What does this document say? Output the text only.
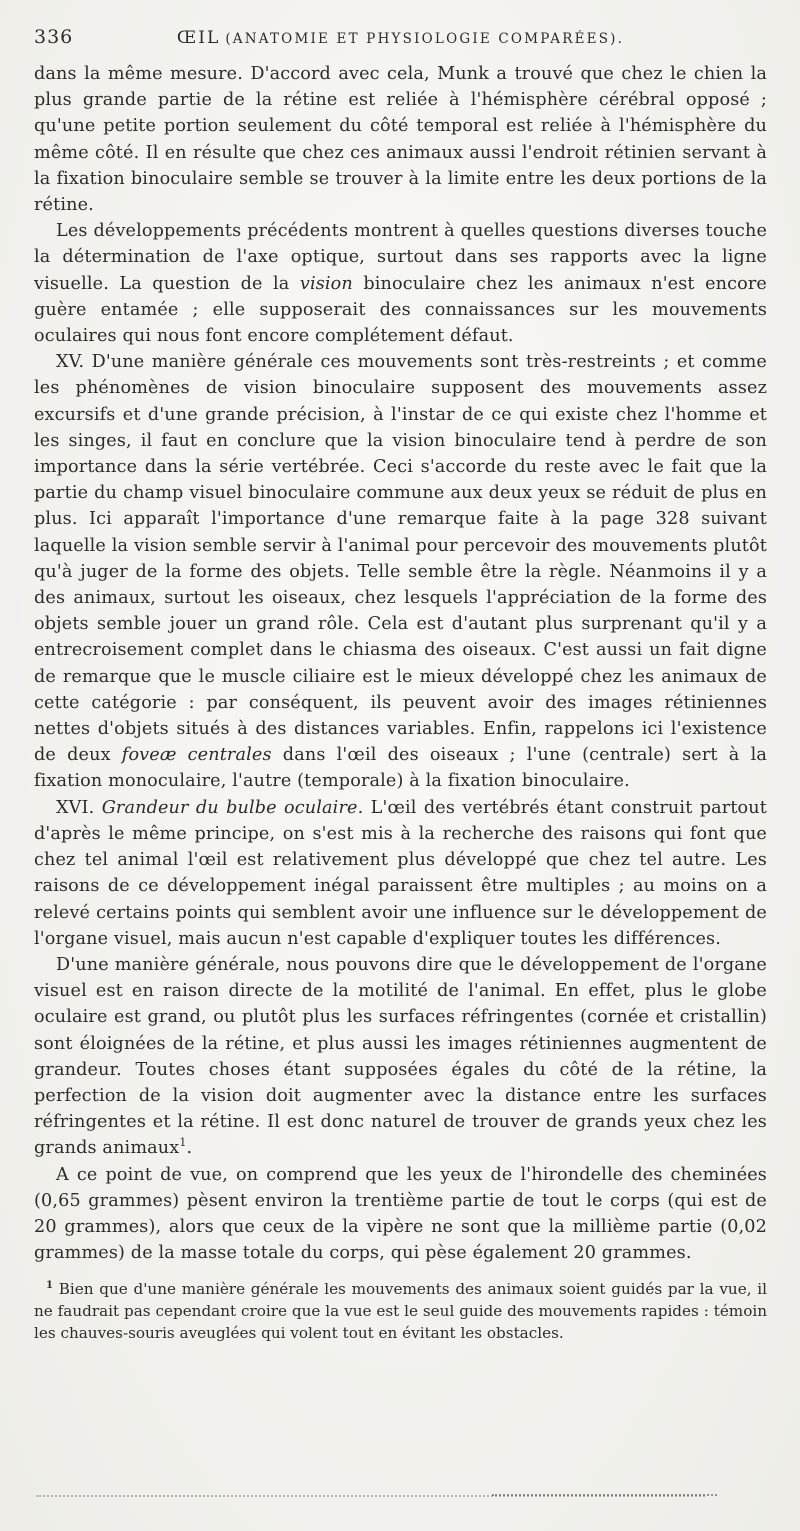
336	ŒIL (ANATOMIE ET PHYSIOLOGIE COMPARÉES).

dans la même mesure. D'accord avec cela, Munk a trouvé que chez le chien la plus grande partie de la rétine est reliée à l'hémisphère cérébral opposé ; qu'une petite portion seulement du côté temporal est reliée à l'hémisphère du même côté. Il en résulte que chez ces animaux aussi l'endroit rétinien servant à la fixation binoculaire semble se trouver à la limite entre les deux portions de la rétine.

Les développements précédents montrent à quelles questions diverses touche la détermination de l'axe optique, surtout dans ses rapports avec la ligne visuelle. La question de la vision binoculaire chez les animaux n'est encore guère entamée ; elle supposerait des connaissances sur les mouvements oculaires qui nous font encore complétement défaut.

XV. D'une manière générale ces mouvements sont très-restreints ; et comme les phénomènes de vision binoculaire supposent des mouvements assez excursifs et d'une grande précision, à l'instar de ce qui existe chez l'homme et les singes, il faut en conclure que la vision binoculaire tend à perdre de son importance dans la série vertébrée. Ceci s'accorde du reste avec le fait que la partie du champ visuel binoculaire commune aux deux yeux se réduit de plus en plus. Ici apparaît l'importance d'une remarque faite à la page 328 suivant laquelle la vision semble servir à l'animal pour percevoir des mouvements plutôt qu'à juger de la forme des objets. Telle semble être la règle. Néanmoins il y a des animaux, surtout les oiseaux, chez lesquels l'appréciation de la forme des objets semble jouer un grand rôle. Cela est d'autant plus surprenant qu'il y a entrecroisement complet dans le chiasma des oiseaux. C'est aussi un fait digne de remarque que le muscle ciliaire est le mieux développé chez les animaux de cette catégorie : par conséquent, ils peuvent avoir des images rétiniennes nettes d'objets situés à des distances variables. Enfin, rappelons ici l'existence de deux foveæ centrales dans l'œil des oiseaux ; l'une (centrale) sert à la fixation monoculaire, l'autre (temporale) à la fixation binoculaire.

XVI. Grandeur du bulbe oculaire. L'œil des vertébrés étant construit partout d'après le même principe, on s'est mis à la recherche des raisons qui font que chez tel animal l'œil est relativement plus développé que chez tel autre. Les raisons de ce développement inégal paraissent être multiples ; au moins on a relevé certains points qui semblent avoir une influence sur le développement de l'organe visuel, mais aucun n'est capable d'expliquer toutes les différences.

D'une manière générale, nous pouvons dire que le développement de l'organe visuel est en raison directe de la motilité de l'animal. En effet, plus le globe oculaire est grand, ou plutôt plus les surfaces réfringentes (cornée et cristallin) sont éloignées de la rétine, et plus aussi les images rétiniennes augmentent de grandeur. Toutes choses étant supposées égales du côté de la rétine, la perfection de la vision doit augmenter avec la distance entre les surfaces réfringentes et la rétine. Il est donc naturel de trouver de grands yeux chez les grands animaux$^1$.

A ce point de vue, on comprend que les yeux de l'hirondelle des cheminées (0,65 grammes) pèsent environ la trentième partie de tout le corps (qui est de 20 grammes), alors que ceux de la vipère ne sont que la millième partie (0,02 grammes) de la masse totale du corps, qui pèse également 20 grammes.

$^1$ Bien que d'une manière générale les mouvements des animaux soient guidés par la vue, il ne faudrait pas cependant croire que la vue est le seul guide des mouvements rapides : témoin les chauves-souris aveuglées qui volent tout en évitant les obstacles.
